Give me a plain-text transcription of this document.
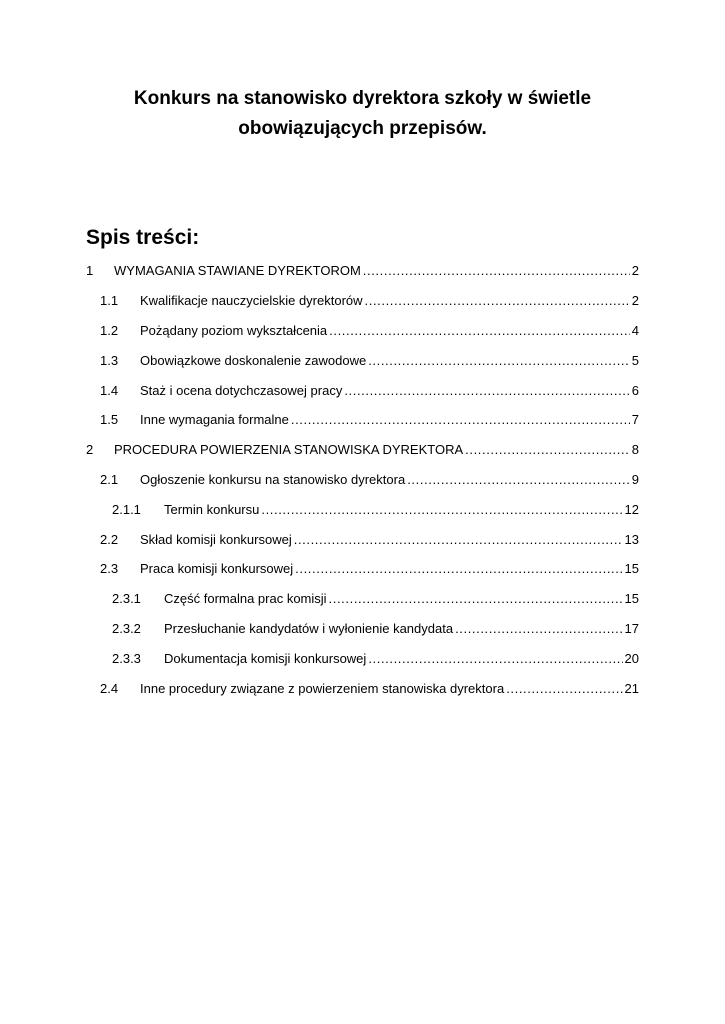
Konkurs na stanowisko dyrektora szkoły w świetle
obowiązujących przepisów.
Spis treści:
1	WYMAGANIA STAWIANE DYREKTOROM .....	2
1.1	Kwalifikacje nauczycielskie dyrektorów .....	2
1.2	Pożądany poziom wykształcenia .....	4
1.3	Obowiązkowe doskonalenie zawodowe .....	5
1.4	Staż i ocena dotychczasowej pracy .....	6
1.5	Inne wymagania formalne .....	7
2	PROCEDURA POWIERZENIA STANOWISKA DYREKTORA .....	8
2.1	Ogłoszenie konkursu na stanowisko dyrektora .....	9
2.1.1	Termin konkursu .....	12
2.2	Skład komisji konkursowej .....	13
2.3	Praca komisji konkursowej .....	15
2.3.1	Część formalna prac komisji .....	15
2.3.2	Przesłuchanie kandydatów i wyłonienie kandydata .....	17
2.3.3	Dokumentacja komisji konkursowej .....	20
2.4	Inne procedury związane z powierzeniem stanowiska dyrektora .....	21
